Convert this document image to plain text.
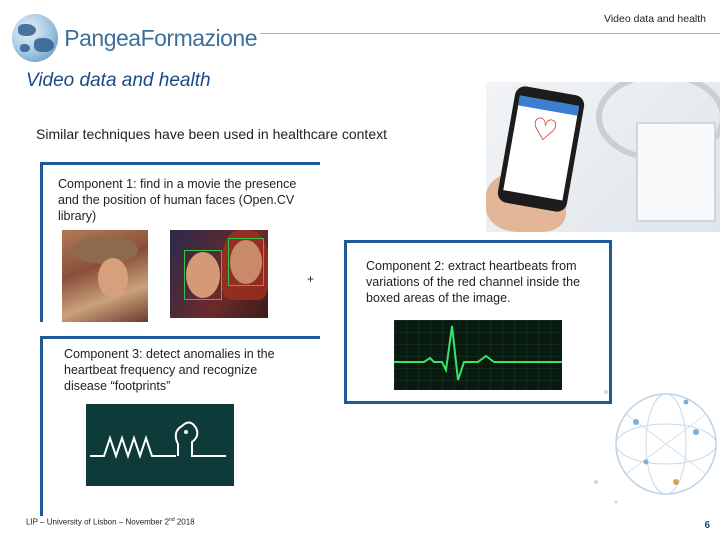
PangeaFormazione
Video data and health
Video data and health
Similar techniques have been used in healthcare context	♡
Component 1: find in a movie the presence and the position of human faces (Open.CV library)
+
Component 2: extract heartbeats from variations of the red channel inside the boxed areas of the image.
Component 3: detect anomalies in the heartbeat frequency and recognize disease “footprints”
LIP – University of Lisbon – November 2nd 2018	6
